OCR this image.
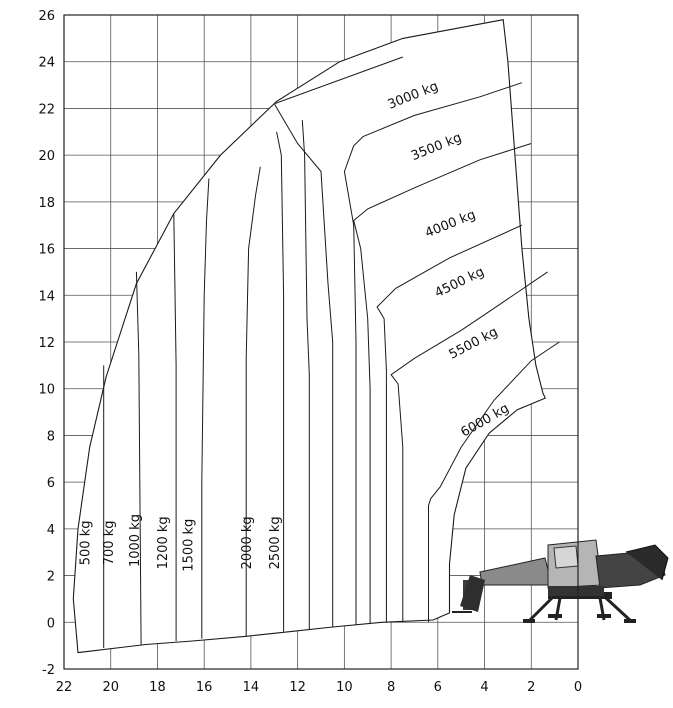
500 kg 700 kg 1000 kg 1200 kg 1500 kg	2000 kg 2500 kg
3000 kg
3500 kg
4000 kg
4500 kg
5500 kg
6000 kg
22 20 18 16 14 12 10	8	6	4	2	0
26
24
22
20
18
16
14
12
10
8
6
4
2
0
-2
